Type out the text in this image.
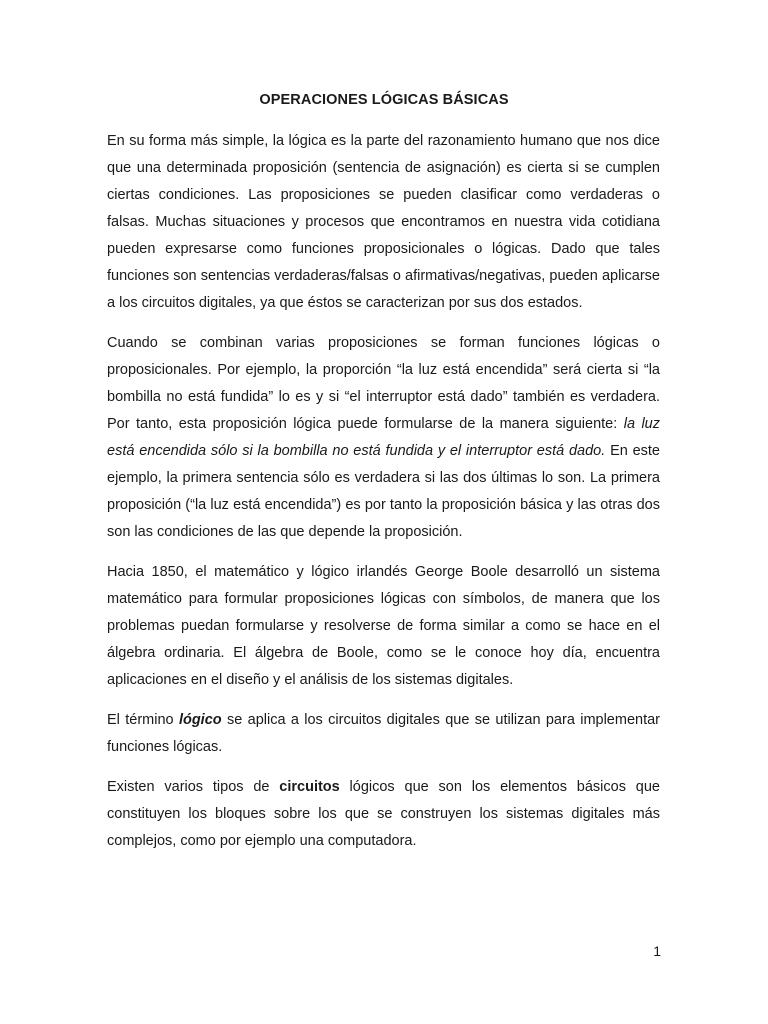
OPERACIONES LÓGICAS BÁSICAS

En su forma más simple, la lógica es la parte del razonamiento humano que nos dice que una determinada proposición (sentencia de asignación) es cierta si se cumplen ciertas condiciones. Las proposiciones se pueden clasificar como verdaderas o falsas. Muchas situaciones y procesos que encontramos en nuestra vida cotidiana pueden expresarse como funciones proposicionales o lógicas. Dado que tales funciones son sentencias verdaderas/falsas o afirmativas/negativas, pueden aplicarse a los circuitos digitales, ya que éstos se caracterizan por sus dos estados.

Cuando se combinan varias proposiciones se forman funciones lógicas o proposicionales. Por ejemplo, la proporción “la luz está encendida” será cierta si “la bombilla no está fundida” lo es y si “el interruptor está dado” también es verdadera. Por tanto, esta proposición lógica puede formularse de la manera siguiente: la luz está encendida sólo si la bombilla no está fundida y el interruptor está dado. En este ejemplo, la primera sentencia sólo es verdadera si las dos últimas lo son. La primera proposición (“la luz está encendida”) es por tanto la proposición básica y las otras dos son las condiciones de las que depende la proposición.

Hacia 1850, el matemático y lógico irlandés George Boole desarrolló un sistema matemático para formular proposiciones lógicas con símbolos, de manera que los problemas puedan formularse y resolverse de forma similar a como se hace en el álgebra ordinaria. El álgebra de Boole, como se le conoce hoy día, encuentra aplicaciones en el diseño y el análisis de los sistemas digitales.

El término lógico se aplica a los circuitos digitales que se utilizan para implementar funciones lógicas.

Existen varios tipos de circuitos lógicos que son los elementos básicos que constituyen los bloques sobre los que se construyen los sistemas digitales más complejos, como por ejemplo una computadora.

1
